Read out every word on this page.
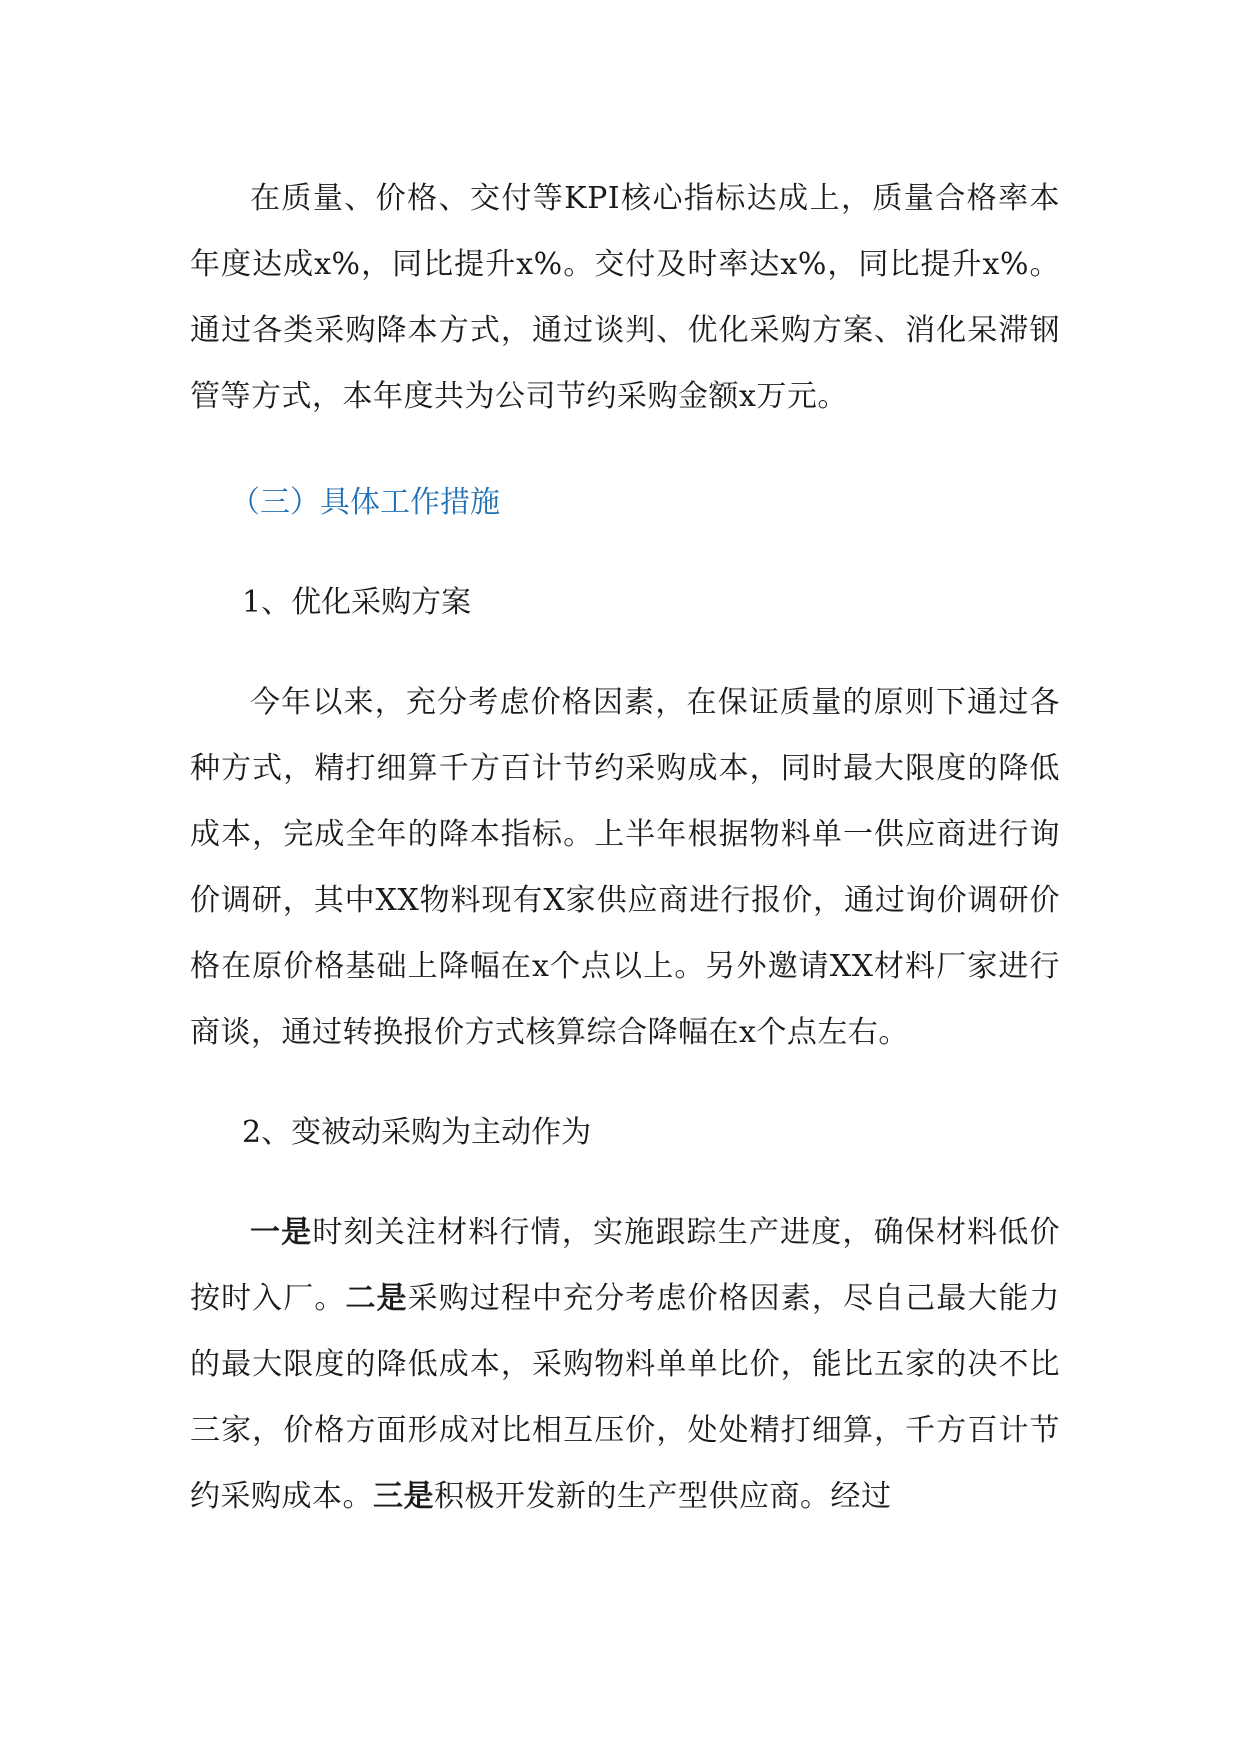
在质量、价格、交付等KPI核心指标达成上，质量合格率本年度达成x%，同比提升x%。交付及时率达x%，同比提升x%。通过各类采购降本方式，通过谈判、优化采购方案、消化呆滞钢管等方式，本年度共为公司节约采购金额x万元。

（三）具体工作措施

1、优化采购方案

今年以来，充分考虑价格因素，在保证质量的原则下通过各种方式，精打细算千方百计节约采购成本，同时最大限度的降低成本，完成全年的降本指标。上半年根据物料单一供应商进行询价调研，其中XX物料现有X家供应商进行报价，通过询价调研价格在原价格基础上降幅在x个点以上。另外邀请XX材料厂家进行商谈，通过转换报价方式核算综合降幅在x个点左右。

2、变被动采购为主动作为

一是时刻关注材料行情，实施跟踪生产进度，确保材料低价按时入厂。二是采购过程中充分考虑价格因素，尽自己最大能力的最大限度的降低成本，采购物料单单比价，能比五家的决不比三家，价格方面形成对比相互压价，处处精打细算，千方百计节约采购成本。三是积极开发新的生产型供应商。经过
